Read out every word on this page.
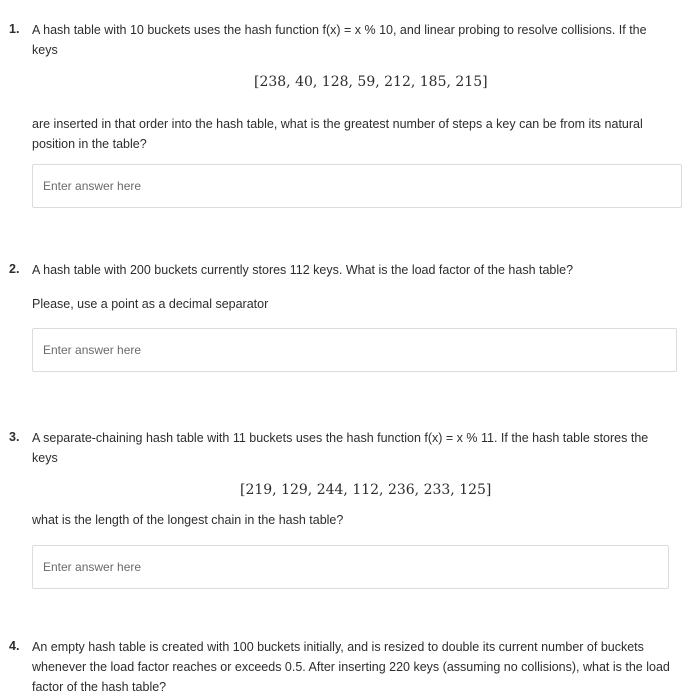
1. A hash table with 10 buckets uses the hash function f(x) = x % 10, and linear probing to resolve collisions. If the keys
[238, 40, 128, 59, 212, 185, 215]
are inserted in that order into the hash table, what is the greatest number of steps a key can be from its natural position in the table?
Enter answer here
2. A hash table with 200 buckets currently stores 112 keys. What is the load factor of the hash table?
Please, use a point as a decimal separator
Enter answer here
3. A separate-chaining hash table with 11 buckets uses the hash function f(x) = x % 11. If the hash table stores the keys
[219, 129, 244, 112, 236, 233, 125]
what is the length of the longest chain in the hash table?
Enter answer here
4. An empty hash table is created with 100 buckets initially, and is resized to double its current number of buckets whenever the load factor reaches or exceeds 0.5. After inserting 220 keys (assuming no collisions), what is the load factor of the hash table?
